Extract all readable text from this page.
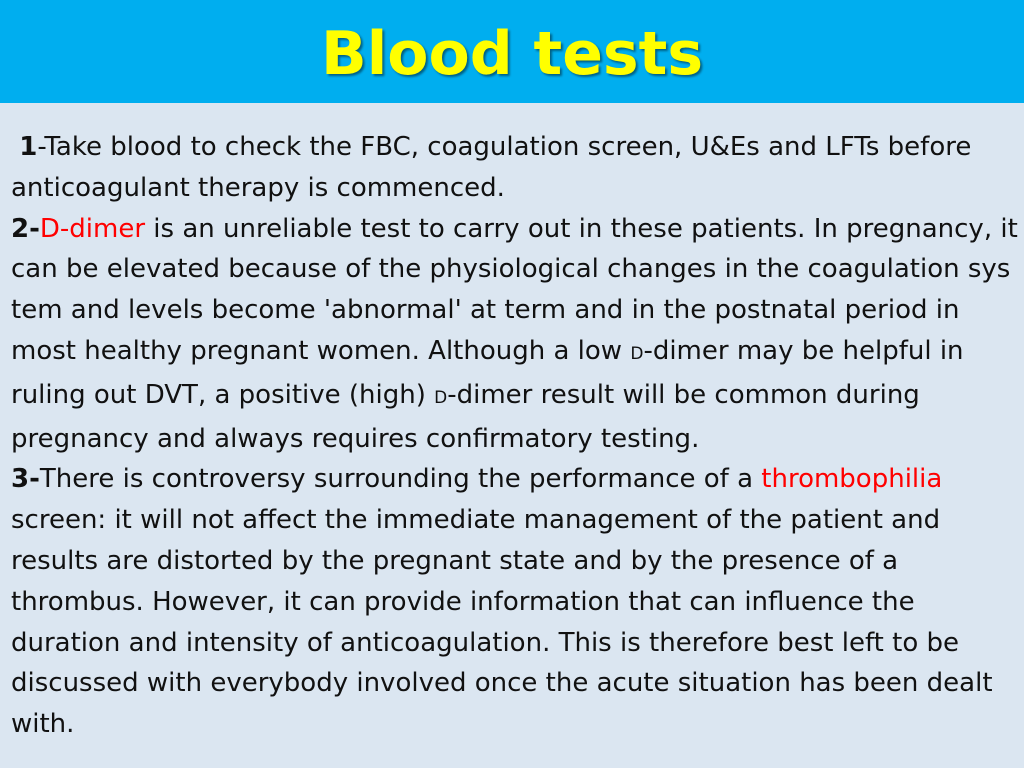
Blood tests

1-Take blood to check the FBC, coagulation screen, U&Es and LFTs before anticoagulant therapy is commenced.

2-D-dimer is an unreliable test to carry out in these patients. In pregnancy, it can be elevated because of the physiological changes in the coagulation sys tem and levels become 'abnormal' at term and in the postnatal period in most healthy pregnant women. Although a low D-dimer may be helpful in ruling out DVT, a positive (high) D-dimer result will be common during pregnancy and always requires confirmatory testing.

3-There is controversy surrounding the performance of a thrombophilia screen: it will not affect the immediate management of the patient and results are distorted by the pregnant state and by the presence of a thrombus. However, it can provide information that can influence the duration and intensity of anticoagulation. This is therefore best left to be discussed with everybody involved once the acute situation has been dealt with.
